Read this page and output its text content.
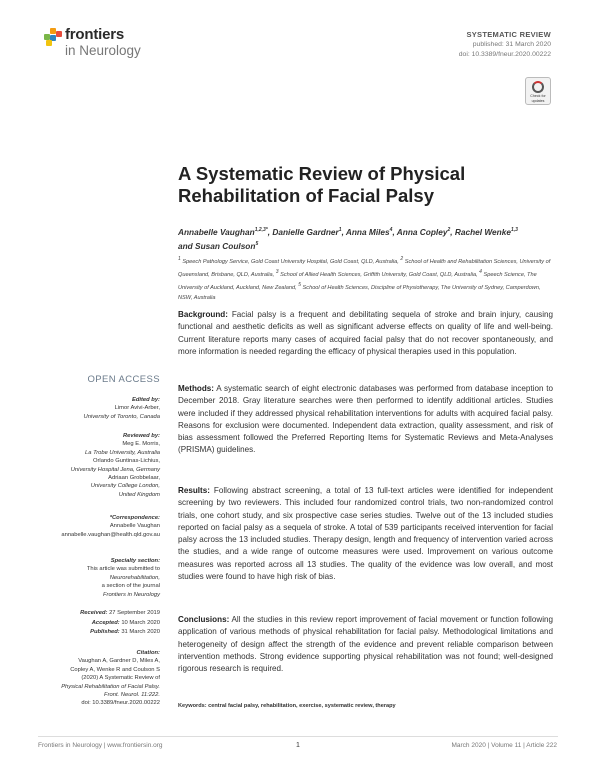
frontiers
in Neurology
SYSTEMATIC REVIEW
published: 31 March 2020
doi: 10.3389/fneur.2020.00222
Check for
updates
A Systematic Review of Physical Rehabilitation of Facial Palsy
Annabelle Vaughan$^{1,2,3*}$, Danielle Gardner$^1$, Anna Miles$^4$, Anna Copley$^2$, Rachel Wenke$^{1,3}$
and Susan Coulson$^5$
$^1$ Speech Pathology Service, Gold Coast University Hospital, Gold Coast, QLD, Australia, $^2$ School of Health and Rehabilitation Sciences, University of Queensland, Brisbane, QLD, Australia, $^3$ School of Allied Health Sciences, Griffith University, Gold Coast, QLD, Australia, $^4$ Speech Science, The University of Auckland, Auckland, New Zealand, $^5$ School of Health Sciences, Discipline of Physiotherapy, The University of Sydney, Camperdown, NSW, Australia

Background: Facial palsy is a frequent and debilitating sequela of stroke and brain injury, causing functional and aesthetic deficits as well as significant adverse effects on quality of life and well-being. Current literature reports many cases of acquired facial palsy that do not recover spontaneously, and more information is needed regarding the efficacy of physical therapies used in this population.

Methods: A systematic search of eight electronic databases was performed from database inception to December 2018. Gray literature searches were then performed to identify additional articles. Studies were included if they addressed physical rehabilitation interventions for adults with acquired facial palsy. Reasons for exclusion were documented. Independent data extraction, quality assessment, and risk of bias assessment followed the Preferred Reporting Items for Systematic Reviews and Meta-Analyses (PRISMA) guidelines.

Results: Following abstract screening, a total of 13 full-text articles were identified for independent screening by two reviewers. This included four randomized control trials, two non-randomized control trials, one cohort study, and six prospective case series studies. Twelve out of the 13 included studies reported on facial palsy as a sequela of stroke. A total of 539 participants received intervention for facial palsy across the 13 included studies. Therapy design, length and frequency of intervention varied across the studies, and a wide range of outcome measures were used. Improvement on various outcome measures was reported across all 13 studies. The quality of the evidence was low overall, and most studies were found to have high risk of bias.

Conclusions: All the studies in this review report improvement of facial movement or function following application of various methods of physical rehabilitation for facial palsy. Methodological limitations and heterogeneity of design affect the strength of the evidence and prevent reliable comparison between intervention methods. Strong evidence supporting physical rehabilitation was not found; well-designed rigorous research is required.

Keywords: central facial palsy, rehabilitation, exercise, systematic review, therapy
OPEN ACCESS
Edited by:
Limor Avivi-Arber,
University of Toronto, Canada
Reviewed by:
Meg E. Morris,
La Trobe University, Australia
Orlando Guntinas-Lichius,
University Hospital Jena, Germany
Adriaan Grobbelaar,
University College London,
United Kingdom
*Correspondence:
Annabelle Vaughan
annabelle.vaughan@health.qld.gov.au
Specialty section:
This article was submitted to
Neurorehabilitation,
a section of the journal
Frontiers in Neurology
Received: 27 September 2019
Accepted: 10 March 2020
Published: 31 March 2020
Citation:
Vaughan A, Gardner D, Miles A,
Copley A, Wenke R and Coulson S
(2020) A Systematic Review of
Physical Rehabilitation of Facial Palsy.
Front. Neurol. 11:222.
doi: 10.3389/fneur.2020.00222
Frontiers in Neurology | www.frontiersin.org	1	March 2020 | Volume 11 | Article 222
